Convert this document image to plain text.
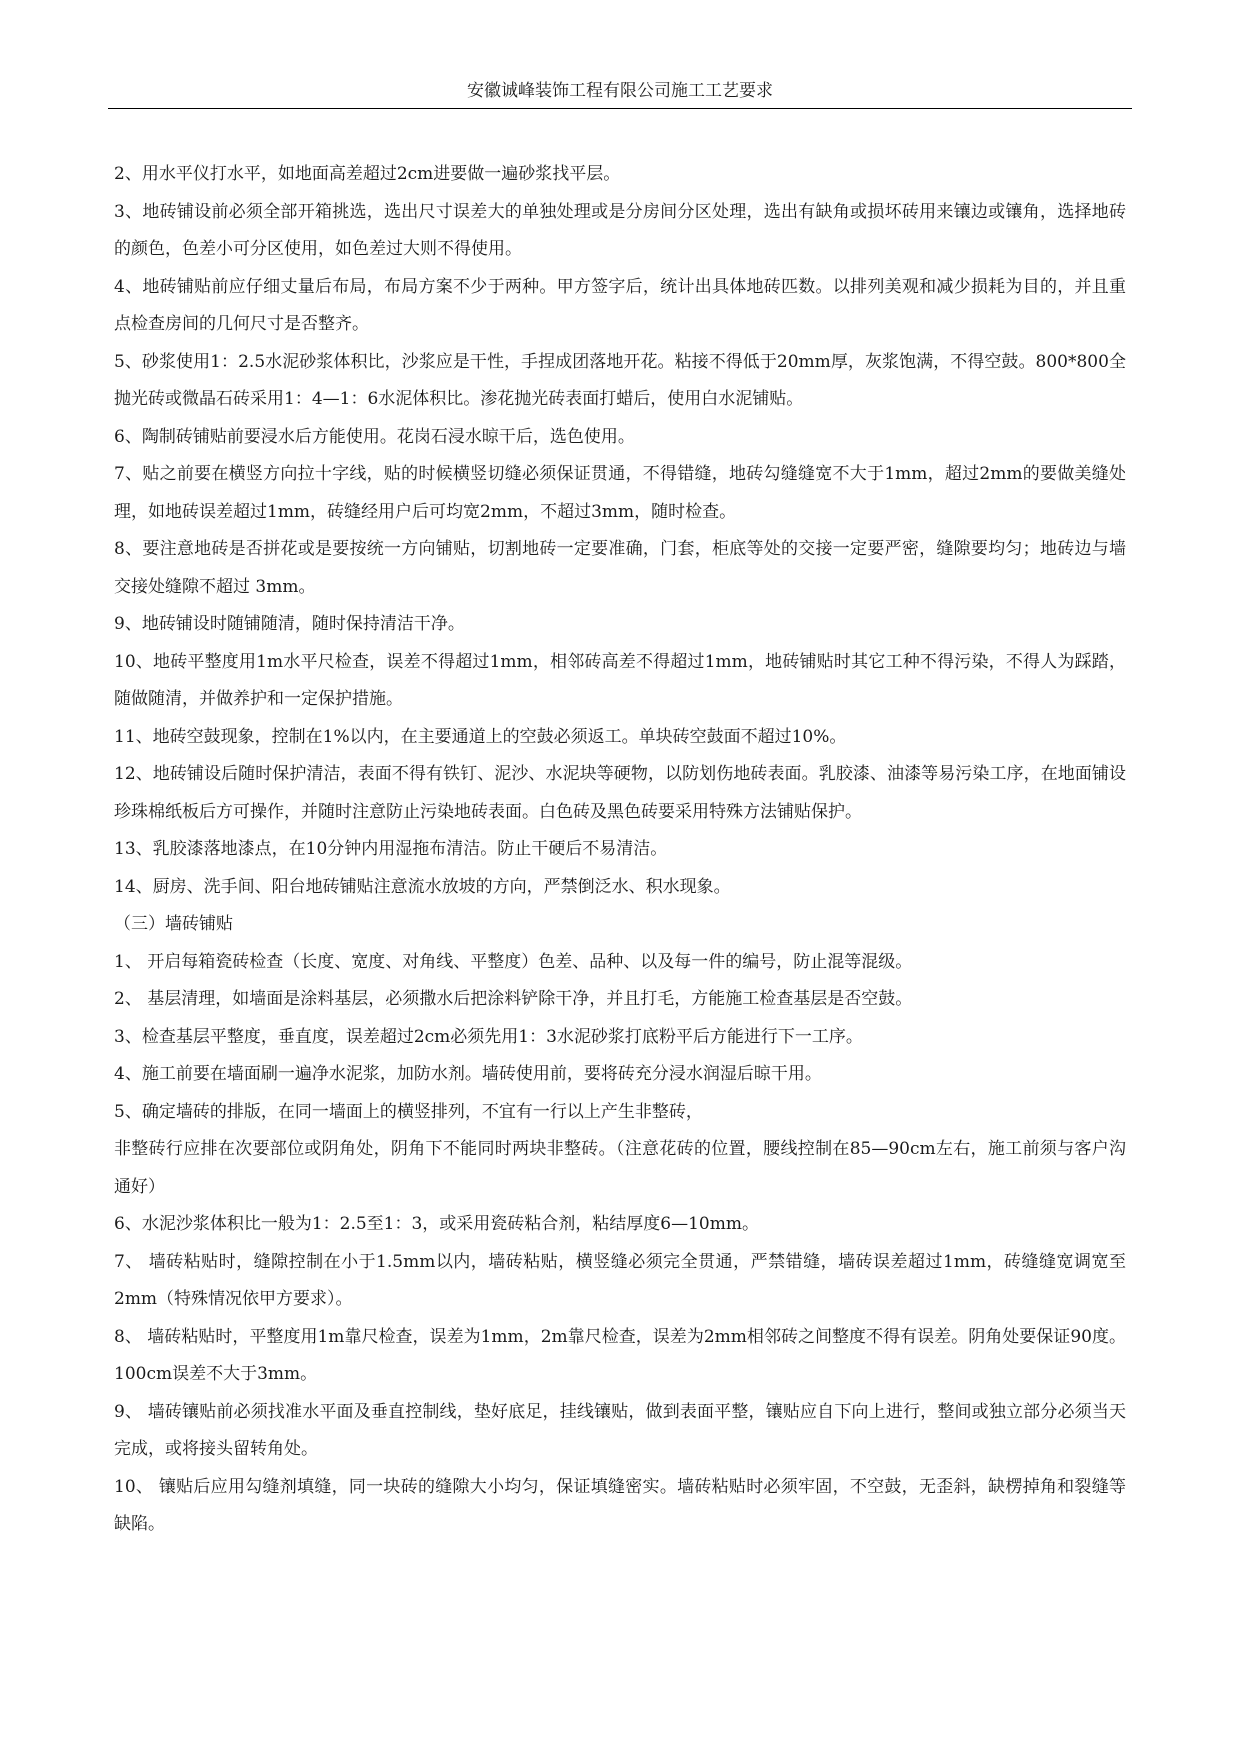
安徽诚峰装饰工程有限公司施工工艺要求

2、用水平仪打水平，如地面高差超过2cm进要做一遍砂浆找平层。

3、地砖铺设前必须全部开箱挑选，选出尺寸误差大的单独处理或是分房间分区处理，选出有缺角或损坏砖用来镶边或镶角，选择地砖的颜色，色差小可分区使用，如色差过大则不得使用。

4、地砖铺贴前应仔细丈量后布局，布局方案不少于两种。甲方签字后，统计出具体地砖匹数。以排列美观和减少损耗为目的，并且重点检查房间的几何尺寸是否整齐。

5、砂浆使用1：2.5水泥砂浆体积比，沙浆应是干性，手捏成团落地开花。粘接不得低于20mm厚，灰浆饱满，不得空鼓。800*800全抛光砖或微晶石砖采用1：4—1：6水泥体积比。渗花抛光砖表面打蜡后，使用白水泥铺贴。

6、陶制砖铺贴前要浸水后方能使用。花岗石浸水晾干后，选色使用。

7、贴之前要在横竖方向拉十字线，贴的时候横竖切缝必须保证贯通，不得错缝，地砖勾缝缝宽不大于1mm，超过2mm的要做美缝处理，如地砖误差超过1mm，砖缝经用户后可均宽2mm，不超过3mm，随时检查。

8、要注意地砖是否拼花或是要按统一方向铺贴，切割地砖一定要准确，门套，柜底等处的交接一定要严密，缝隙要均匀；地砖边与墙交接处缝隙不超过 3mm。

9、地砖铺设时随铺随清，随时保持清洁干净。

10、地砖平整度用1m水平尺检查，误差不得超过1mm，相邻砖高差不得超过1mm，地砖铺贴时其它工种不得污染，不得人为踩踏，随做随清，并做养护和一定保护措施。

11、地砖空鼓现象，控制在1%以内，在主要通道上的空鼓必须返工。单块砖空鼓面不超过10%。

12、地砖铺设后随时保护清洁，表面不得有铁钉、泥沙、水泥块等硬物，以防划伤地砖表面。乳胶漆、油漆等易污染工序，在地面铺设珍珠棉纸板后方可操作，并随时注意防止污染地砖表面。白色砖及黑色砖要采用特殊方法铺贴保护。

13、乳胶漆落地漆点，在10分钟内用湿拖布清洁。防止干硬后不易清洁。

14、厨房、洗手间、阳台地砖铺贴注意流水放坡的方向，严禁倒泛水、积水现象。

（三）墙砖铺贴

1、 开启每箱瓷砖检查（长度、宽度、对角线、平整度）色差、品种、以及每一件的编号，防止混等混级。

2、 基层清理，如墙面是涂料基层，必须撒水后把涂料铲除干净，并且打毛，方能施工检查基层是否空鼓。

3、检查基层平整度，垂直度，误差超过2cm必须先用1：3水泥砂浆打底粉平后方能进行下一工序。

4、施工前要在墙面刷一遍净水泥浆，加防水剂。墙砖使用前，要将砖充分浸水润湿后晾干用。

5、确定墙砖的排版，在同一墙面上的横竖排列，不宜有一行以上产生非整砖，

非整砖行应排在次要部位或阴角处，阴角下不能同时两块非整砖。（注意花砖的位置，腰线控制在85—90cm左右，施工前须与客户沟通好）

6、水泥沙浆体积比一般为1：2.5至1：3，或采用瓷砖粘合剂，粘结厚度6—10mm。

7、 墙砖粘贴时，缝隙控制在小于1.5mm以内，墙砖粘贴，横竖缝必须完全贯通，严禁错缝，墙砖误差超过1mm，砖缝缝宽调宽至2mm（特殊情况依甲方要求）。

8、 墙砖粘贴时，平整度用1m靠尺检查，误差为1mm，2m靠尺检查，误差为2mm相邻砖之间整度不得有误差。阴角处要保证90度。100cm误差不大于3mm。

9、 墙砖镶贴前必须找准水平面及垂直控制线，垫好底足，挂线镶贴，做到表面平整，镶贴应自下向上进行，整间或独立部分必须当天完成，或将接头留转角处。

10、 镶贴后应用勾缝剂填缝，同一块砖的缝隙大小均匀，保证填缝密实。墙砖粘贴时必须牢固，不空鼓，无歪斜，缺楞掉角和裂缝等缺陷。
